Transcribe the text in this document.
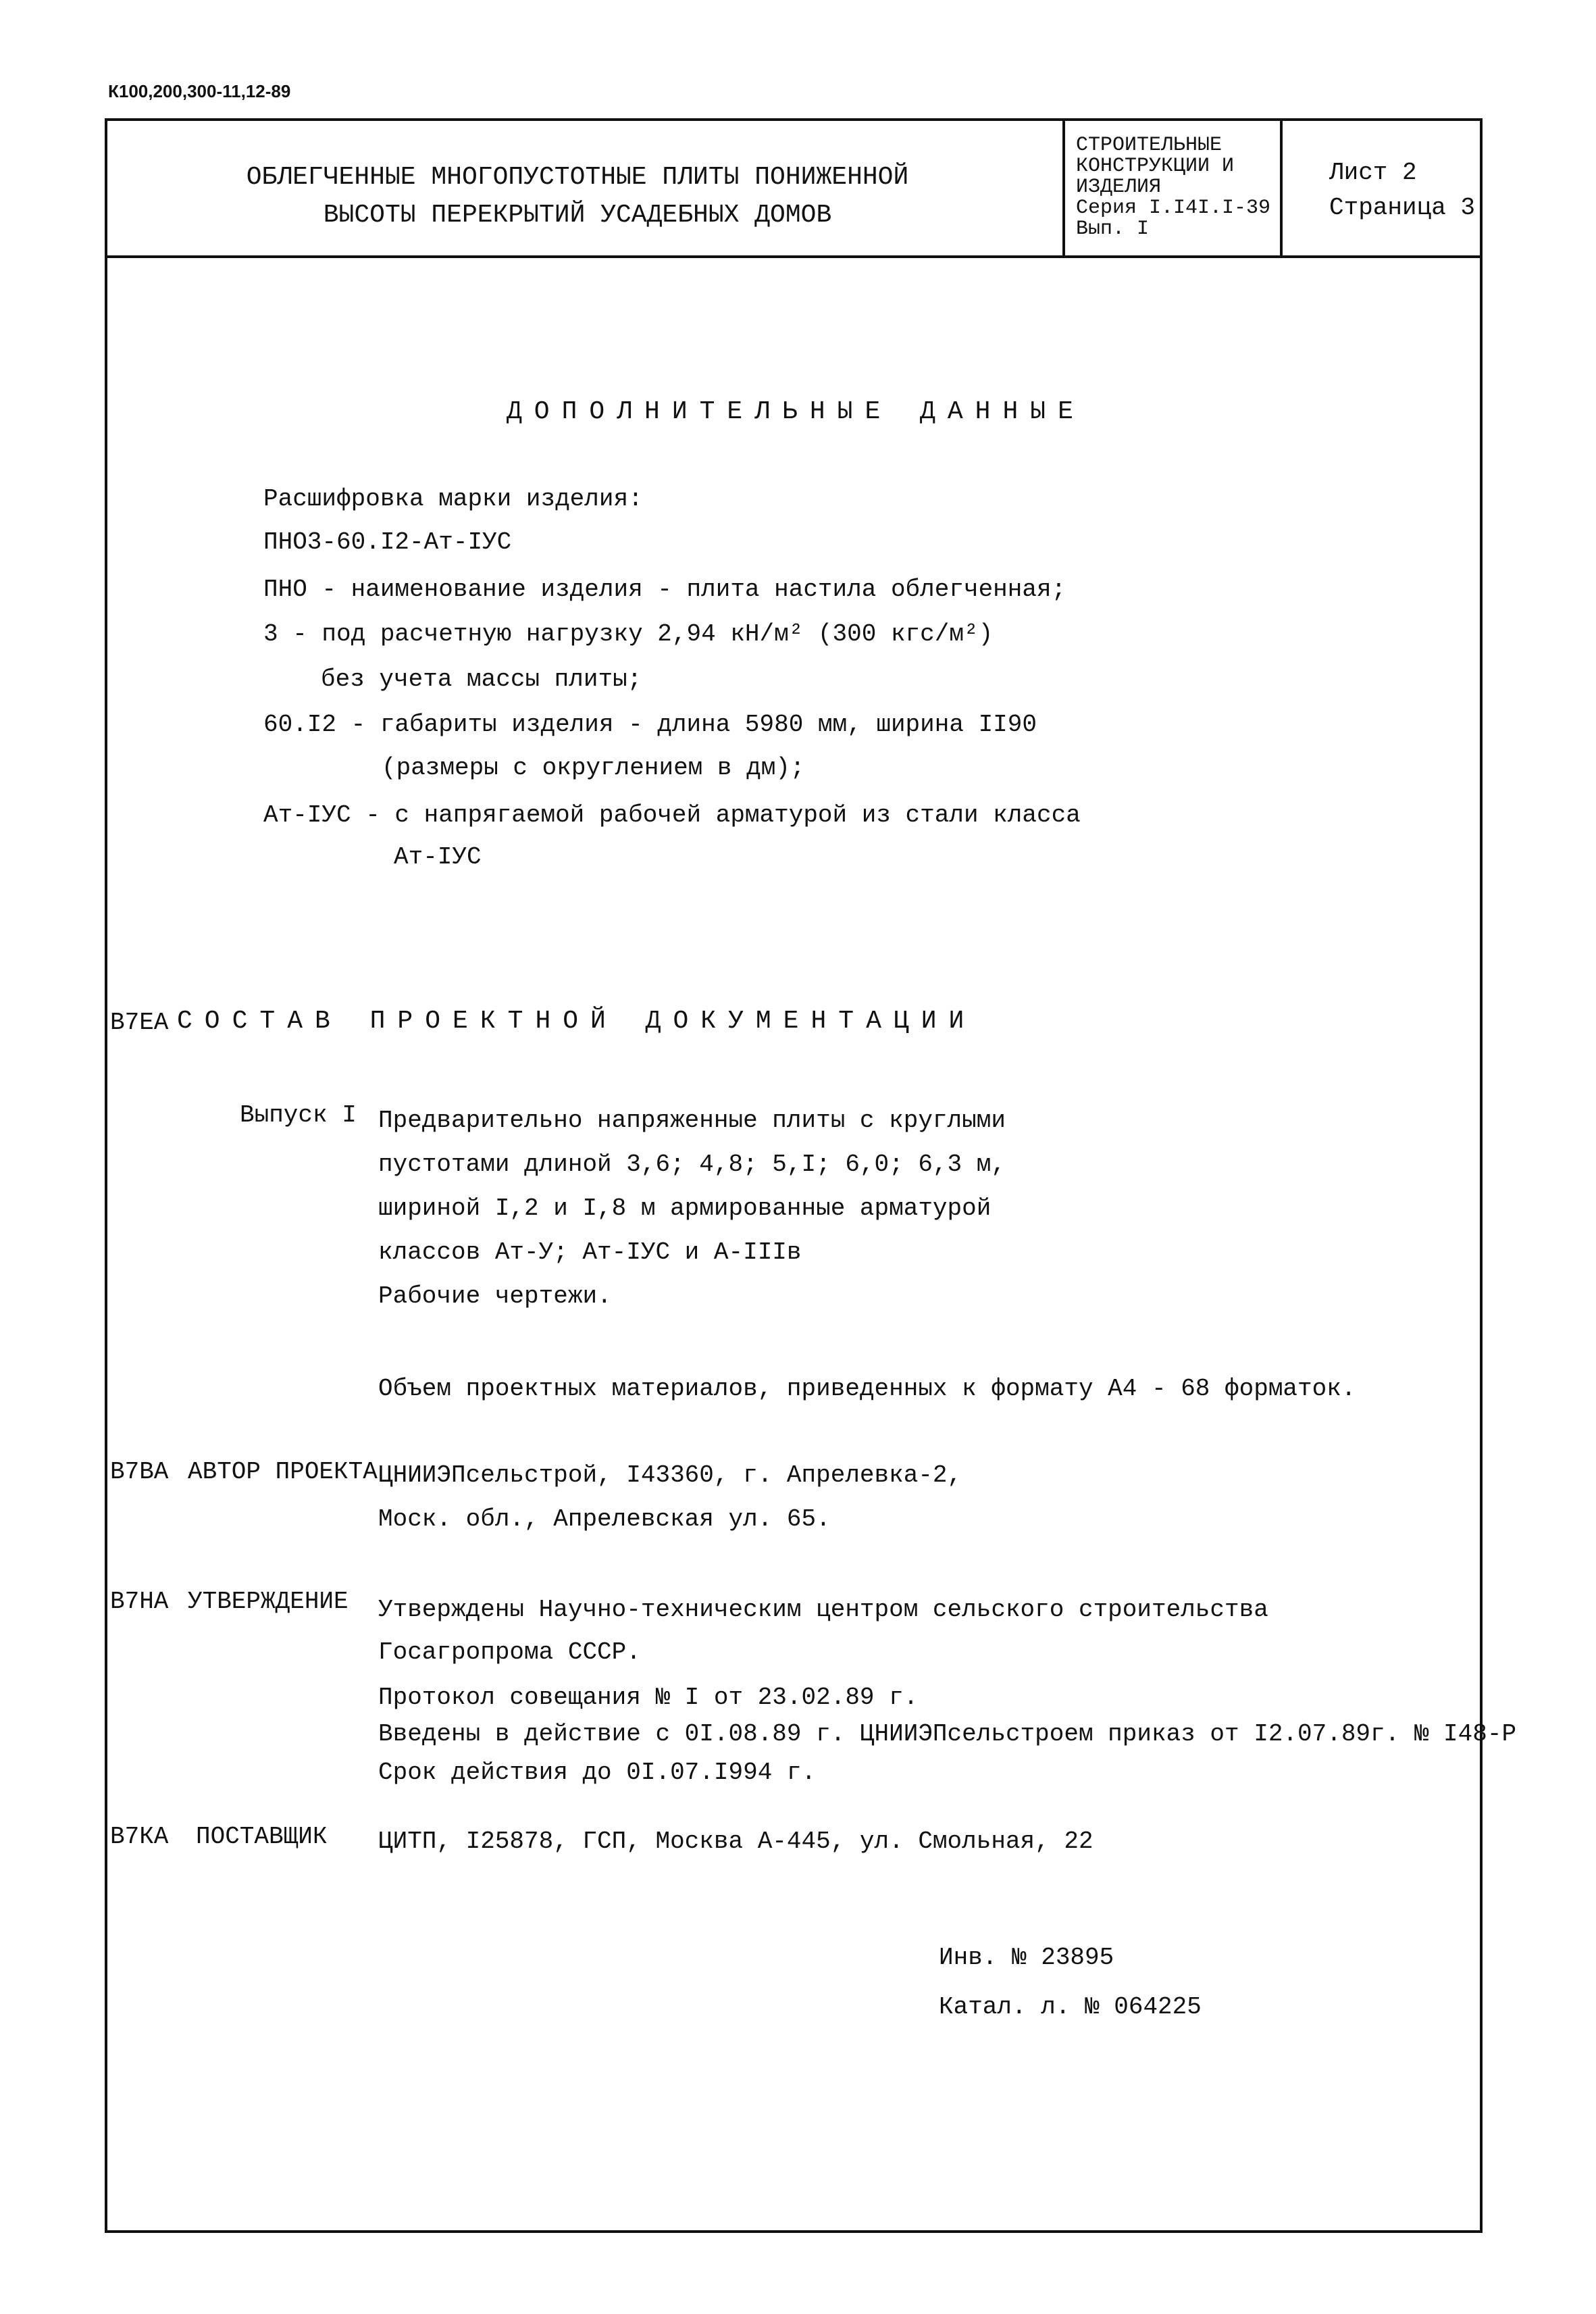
К100,200,300-11,12-89
ОБЛЕГЧЕННЫЕ МНОГОПУСТОТНЫЕ ПЛИТЫ ПОНИЖЕННОЙ
ВЫСОТЫ ПЕРЕКРЫТИЙ УСАДЕБНЫХ ДОМОВ
СТРОИТЕЛЬНЫЕ
КОНСТРУКЦИИ И
ИЗДЕЛИЯ
Серия I.I4I.I-39
Вып. I
Лист 2
Страница 3
ДОПОЛНИТЕЛЬНЫЕ ДАННЫЕ
Расшифровка марки изделия:
ПНО3-60.I2-Ат-IУС
ПНО - наименование изделия - плита настила облегченная;
3 - под расчетную нагрузку 2,94 кН/м² (300 кгс/м²)
без учета массы плиты;
60.I2 - габариты изделия - длина 5980 мм, ширина II90
(размеры с округлением в дм);
Ат-IУС - с напрягаемой рабочей арматурой из стали класса
Ат-IУС
В7ЕА СОСТАВ ПРОЕКТНОЙ ДОКУМЕНТАЦИИ
Выпуск I Предварительно напряженные плиты с круглыми
пустотами длиной 3,6; 4,8; 5,I; 6,0; 6,3 м,
шириной I,2 и I,8 м армированные арматурой
классов Ат-У; Ат-IУС и А-IIIв
Рабочие чертежи.
Объем проектных материалов, приведенных к формату А4 - 68 форматок.
В7ВА АВТОР ПРОЕКТА ЦНИИЭПсельстрой, I43360, г. Апрелевка-2,
Моск. обл., Апрелевская ул. 65.
В7НА УТВЕРЖДЕНИЕ Утверждены Научно-техническим центром сельского строительства
Госагропрома СССР.
Протокол совещания № I от 23.02.89 г.
Введены в действие с 0I.08.89 г. ЦНИИЭПсельстроем приказ от I2.07.89г. № I48-Р
Срок действия до 0I.07.I994 г.
В7КА ПОСТАВЩИК ЦИТП, I25878, ГСП, Москва А-445, ул. Смольная, 22
Инв. № 23895
Катал. л. № 064225
